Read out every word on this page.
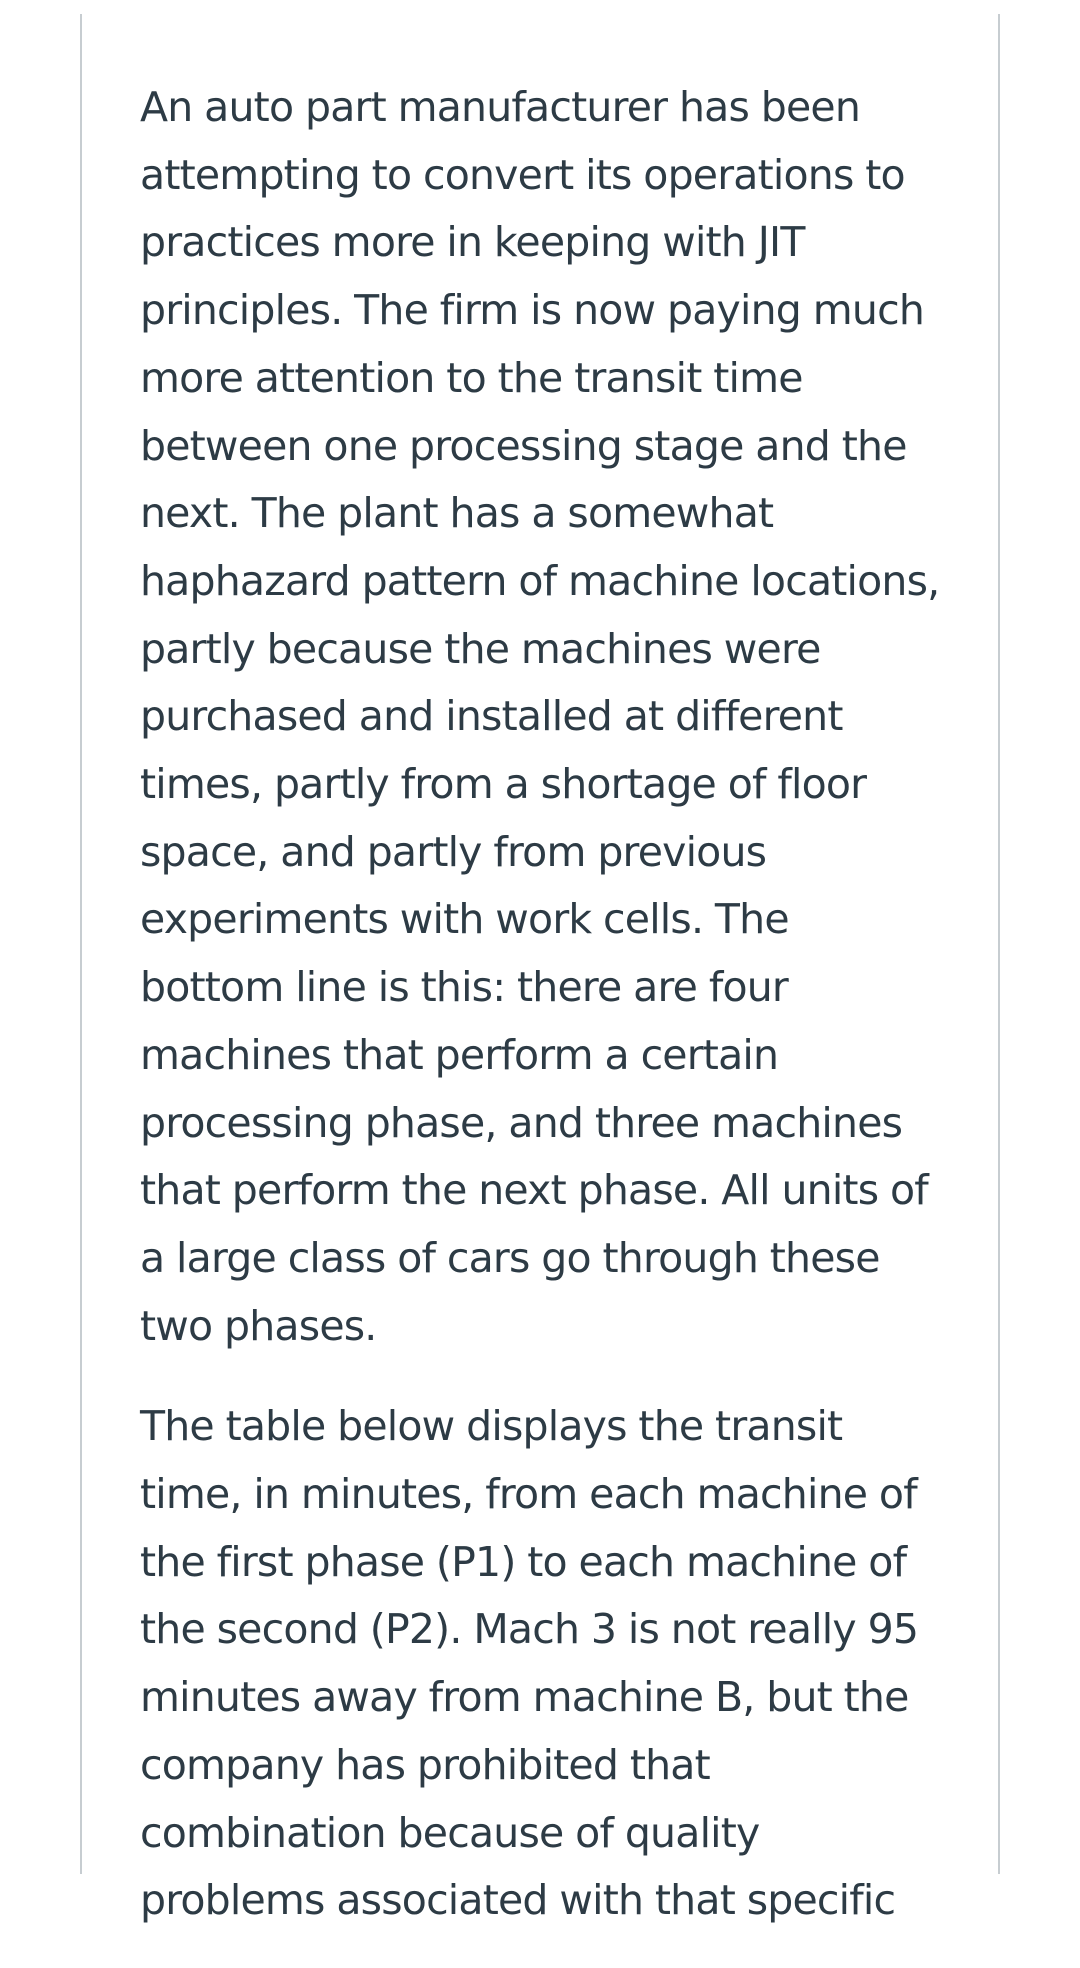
An auto part manufacturer has been attempting to convert its operations to practices more in keeping with JIT principles. The firm is now paying much more attention to the transit time between one processing stage and the next. The plant has a somewhat haphazard pattern of machine locations, partly because the machines were purchased and installed at different times, partly from a shortage of floor space, and partly from previous experiments with work cells. The bottom line is this: there are four machines that perform a certain processing phase, and three machines that perform the next phase. All units of a large class of cars go through these two phases.

The table below displays the transit time, in minutes, from each machine of the first phase (P1) to each machine of the second (P2). Mach 3 is not really 95 minutes away from machine B, but the company has prohibited that combination because of quality problems associated with that specific
